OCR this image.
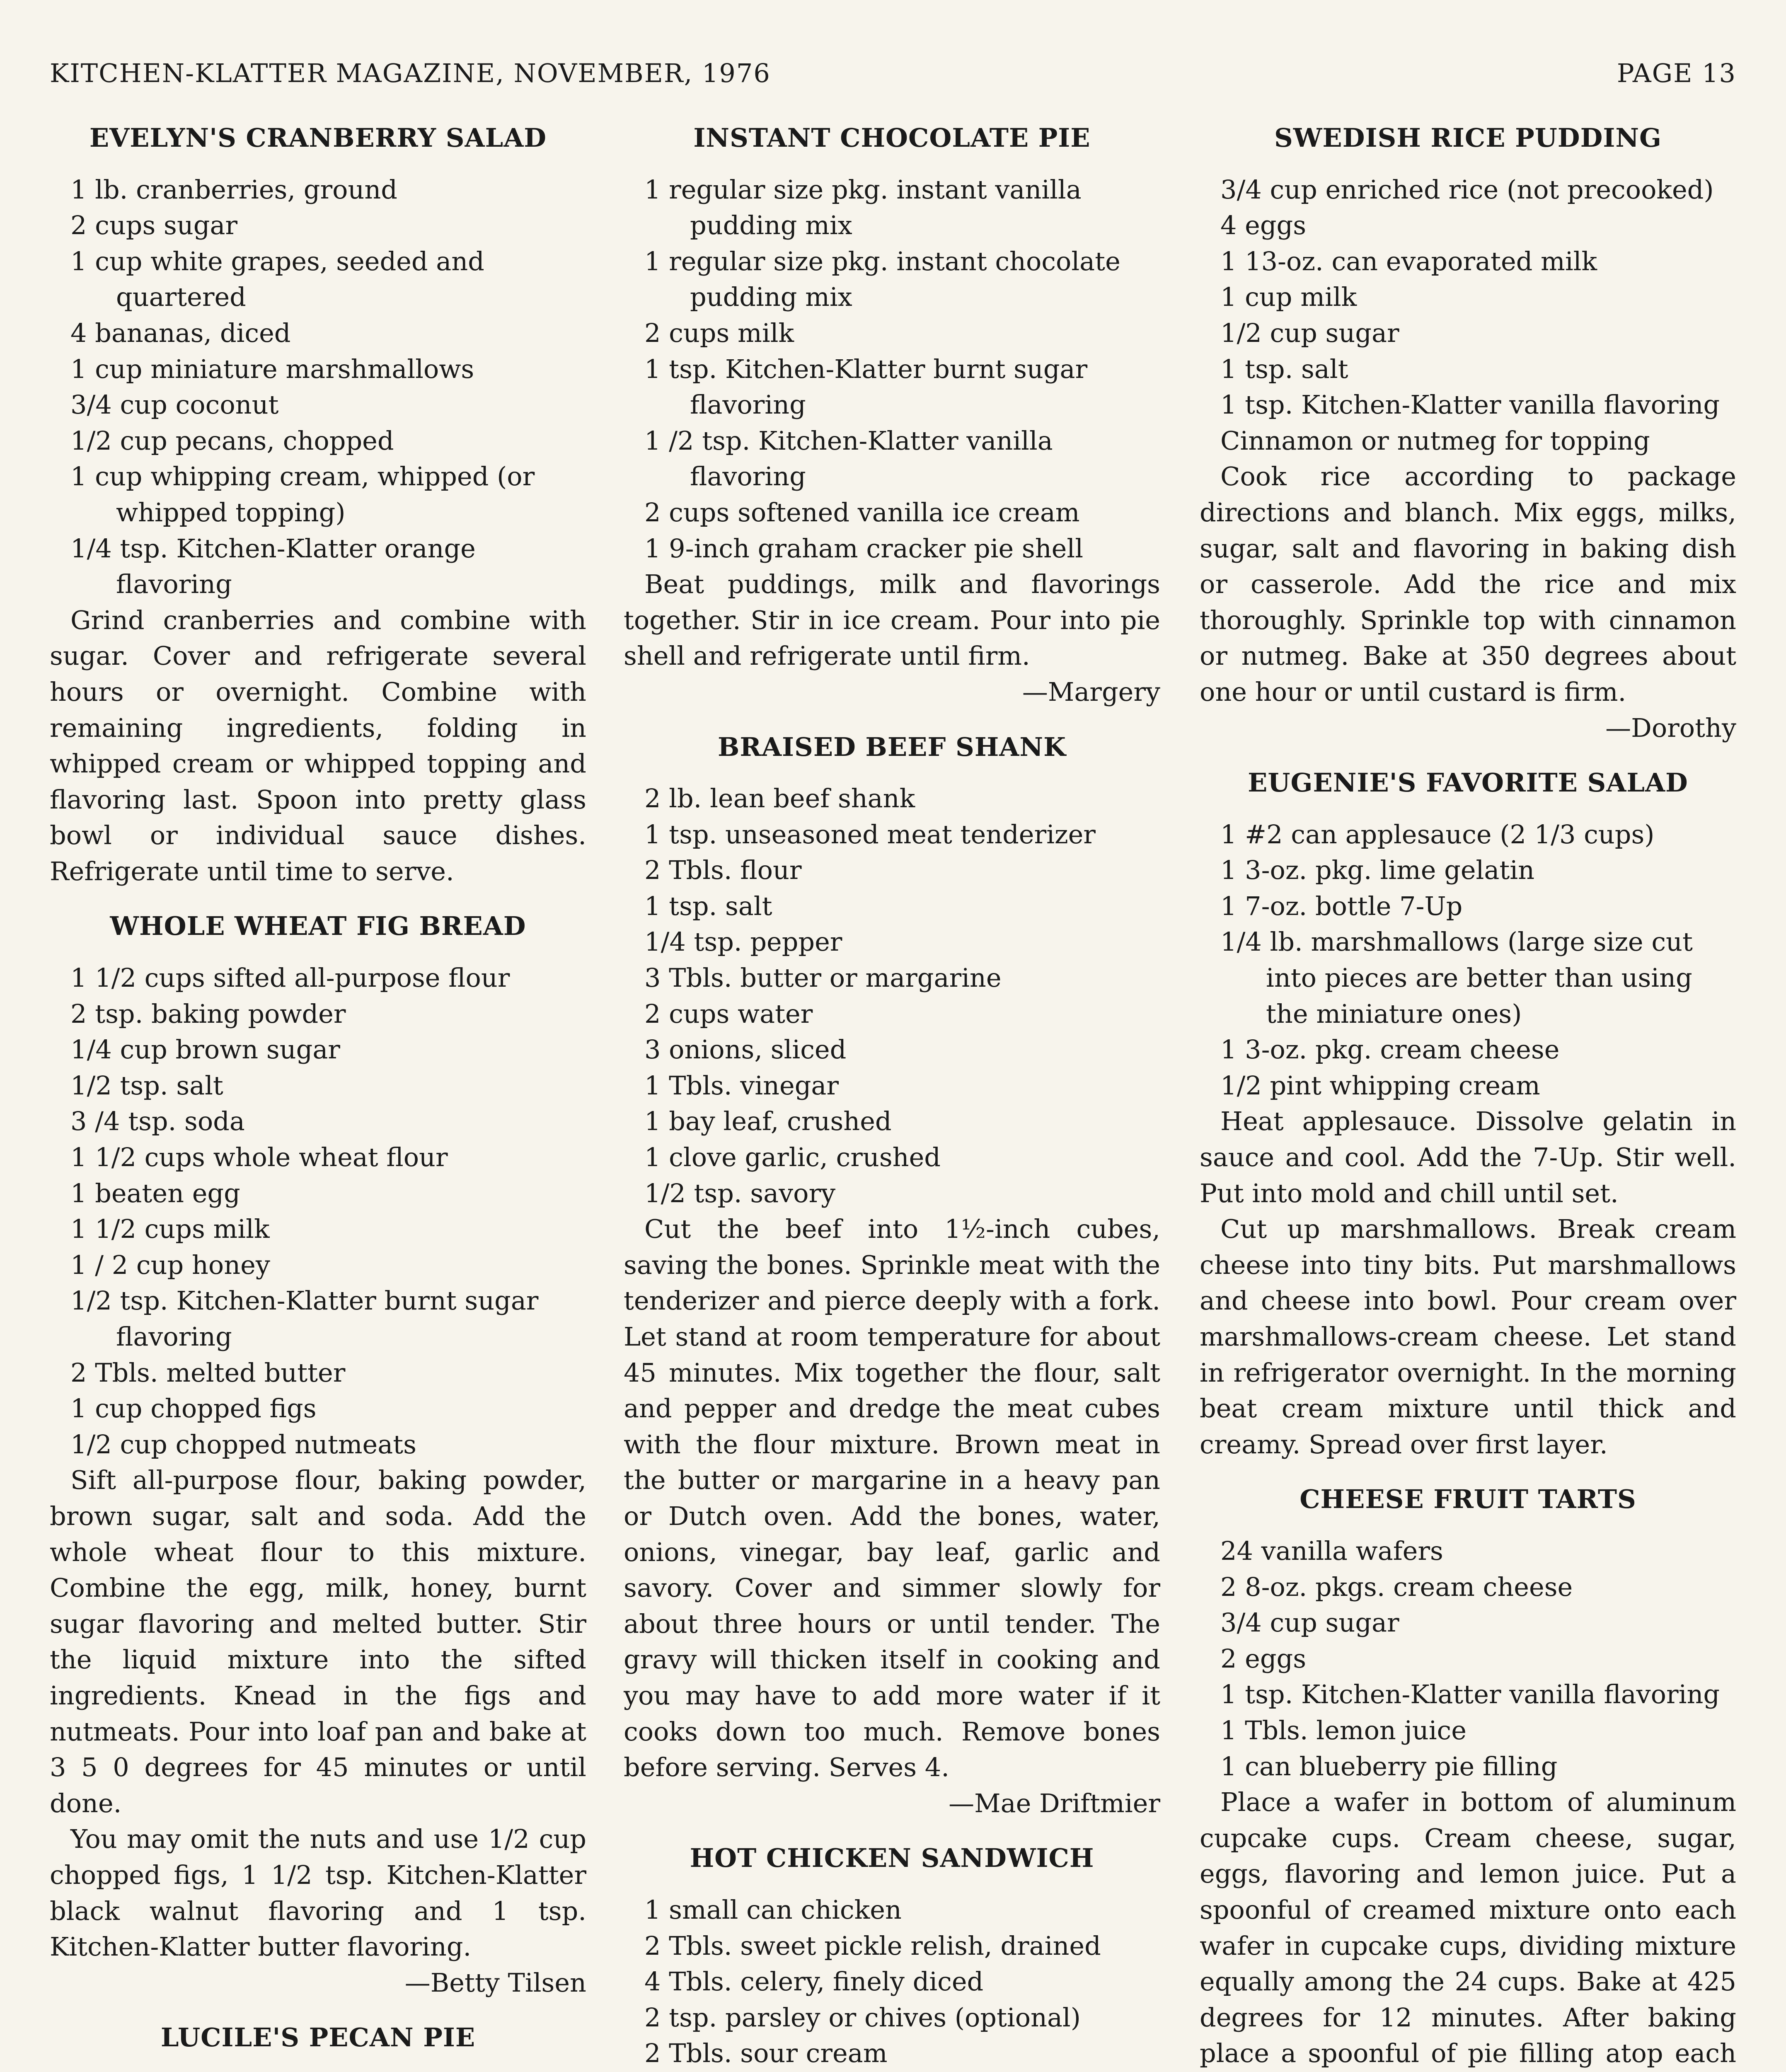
KITCHEN-KLATTER MAGAZINE, NOVEMBER, 1976	PAGE 13
EVELYN'S CRANBERRY SALAD
1 lb. cranberries, ground
2 cups sugar
1 cup white grapes, seeded and quartered
4 bananas, diced
1 cup miniature marshmallows
3/4 cup coconut
1/2 cup pecans, chopped
1 cup whipping cream, whipped (or whipped topping)
1/4 tsp. Kitchen-Klatter orange flavoring
Grind cranberries and combine with sugar. Cover and refrigerate several hours or overnight. Combine with remaining ingredients, folding in whipped cream or whipped topping and flavoring last. Spoon into pretty glass bowl or individual sauce dishes. Refrigerate until time to serve.
WHOLE WHEAT FIG BREAD
1 1/2 cups sifted all-purpose flour
2 tsp. baking powder
1/4 cup brown sugar
1/2 tsp. salt
3 /4 tsp. soda
1 1/2 cups whole wheat flour
1 beaten egg
1 1/2 cups milk
1 / 2 cup honey
1/2 tsp. Kitchen-Klatter burnt sugar flavoring
2 Tbls. melted butter
1 cup chopped figs
1/2 cup chopped nutmeats
Sift all-purpose flour, baking powder, brown sugar, salt and soda. Add the whole wheat flour to this mixture. Combine the egg, milk, honey, burnt sugar flavoring and melted butter. Stir the liquid mixture into the sifted ingredients. Knead in the figs and nutmeats. Pour into loaf pan and bake at 3 5 0 degrees for 45 minutes or until done.
You may omit the nuts and use 1/2 cup chopped figs, 1 1/2 tsp. Kitchen-Klatter black walnut flavoring and 1 tsp. Kitchen-Klatter butter flavoring.
—Betty Tilsen
LUCILE'S PECAN PIE
INSTANT CHOCOLATE PIE
1 regular size pkg. instant vanilla pudding mix
1 regular size pkg. instant chocolate pudding mix
2 cups milk
1 tsp. Kitchen-Klatter burnt sugar flavoring
1 /2 tsp. Kitchen-Klatter vanilla flavoring
2 cups softened vanilla ice cream
1 9-inch graham cracker pie shell
Beat puddings, milk and flavorings together. Stir in ice cream. Pour into pie shell and refrigerate until firm.
—Margery
BRAISED BEEF SHANK
2 lb. lean beef shank
1 tsp. unseasoned meat tenderizer
2 Tbls. flour
1 tsp. salt
1/4 tsp. pepper
3 Tbls. butter or margarine
2 cups water
3 onions, sliced
1 Tbls. vinegar
1 bay leaf, crushed
1 clove garlic, crushed
1/2 tsp. savory
Cut the beef into 1½-inch cubes, saving the bones. Sprinkle meat with the tenderizer and pierce deeply with a fork. Let stand at room temperature for about 45 minutes. Mix together the flour, salt and pepper and dredge the meat cubes with the flour mixture. Brown meat in the butter or margarine in a heavy pan or Dutch oven. Add the bones, water, onions, vinegar, bay leaf, garlic and savory. Cover and simmer slowly for about three hours or until tender. The gravy will thicken itself in cooking and you may have to add more water if it cooks down too much. Remove bones before serving. Serves 4.
—Mae Driftmier
HOT CHICKEN SANDWICH
1 small can chicken
2 Tbls. sweet pickle relish, drained
4 Tbls. celery, finely diced
2 tsp. parsley or chives (optional)
2 Tbls. sour cream
SWEDISH RICE PUDDING
3/4 cup enriched rice (not precooked)
4 eggs
1 13-oz. can evaporated milk
1 cup milk
1/2 cup sugar
1 tsp. salt
1 tsp. Kitchen-Klatter vanilla flavoring
Cinnamon or nutmeg for topping
Cook rice according to package directions and blanch. Mix eggs, milks, sugar, salt and flavoring in baking dish or casserole. Add the rice and mix thoroughly. Sprinkle top with cinnamon or nutmeg. Bake at 350 degrees about one hour or until custard is firm.
—Dorothy
EUGENIE'S FAVORITE SALAD
1 #2 can applesauce (2 1/3 cups)
1 3-oz. pkg. lime gelatin
1 7-oz. bottle 7-Up
1/4 lb. marshmallows (large size cut into pieces are better than using the miniature ones)
1 3-oz. pkg. cream cheese
1/2 pint whipping cream
Heat applesauce. Dissolve gelatin in sauce and cool. Add the 7-Up. Stir well. Put into mold and chill until set.
Cut up marshmallows. Break cream cheese into tiny bits. Put marshmallows and cheese into bowl. Pour cream over marshmallows-cream cheese. Let stand in refrigerator overnight. In the morning beat cream mixture until thick and creamy. Spread over first layer.
CHEESE FRUIT TARTS
24 vanilla wafers
2 8-oz. pkgs. cream cheese
3/4 cup sugar
2 eggs
1 tsp. Kitchen-Klatter vanilla flavoring
1 Tbls. lemon juice
1 can blueberry pie filling
Place a wafer in bottom of aluminum cupcake cups. Cream cheese, sugar, eggs, flavoring and lemon juice. Put a spoonful of creamed mixture onto each wafer in cupcake cups, dividing mixture equally among the 24 cups. Bake at 425 degrees for 12 minutes. After baking place a spoonful of pie filling atop each
